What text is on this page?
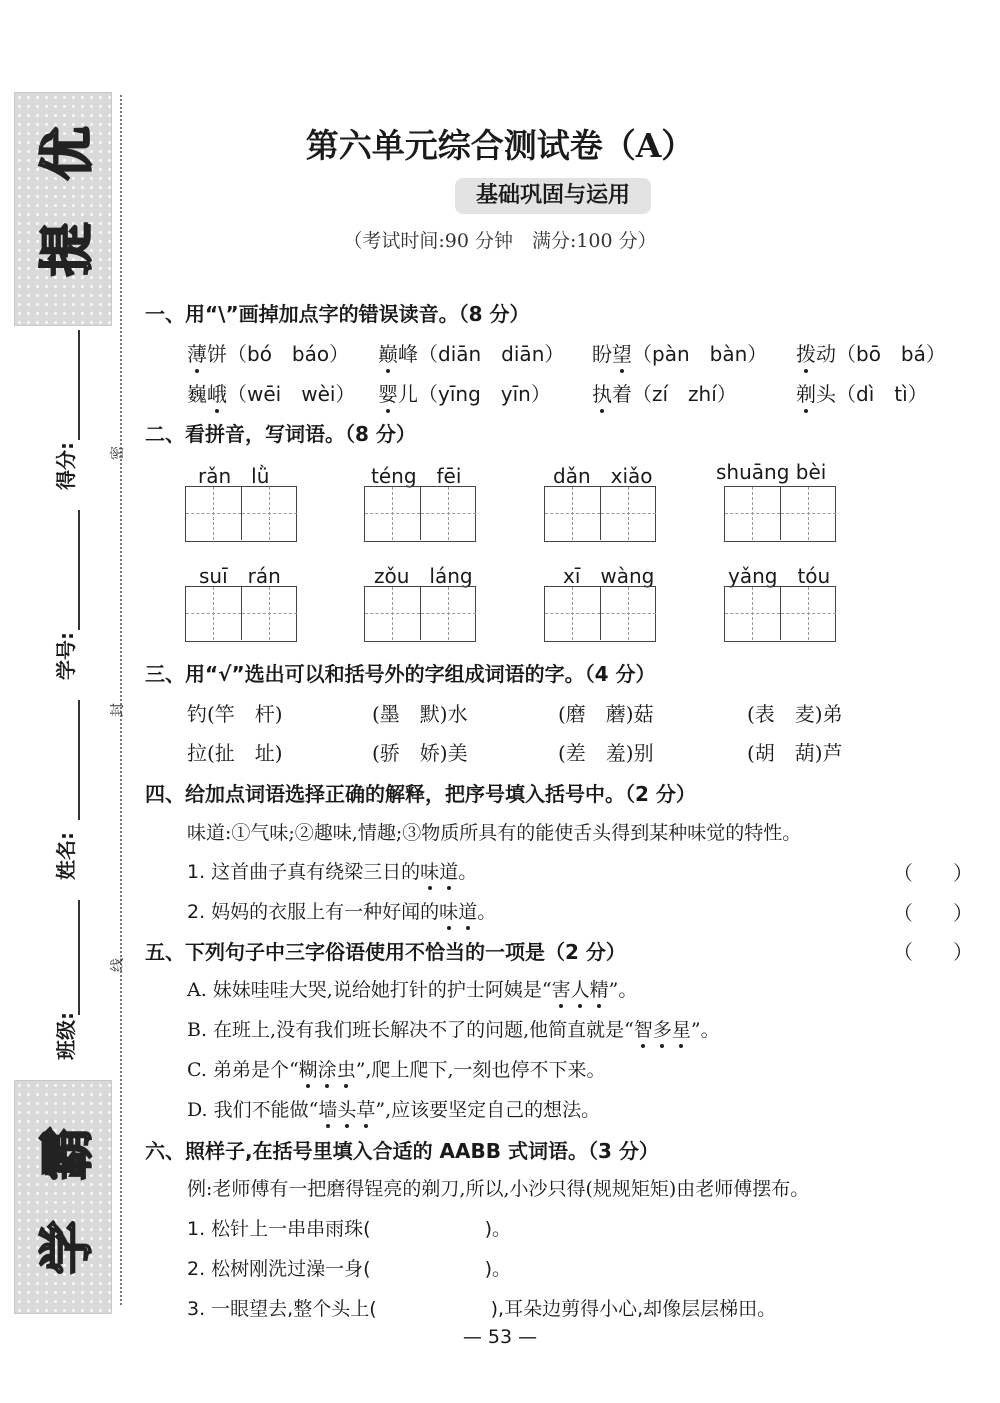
优
提
霸
学
得分:
学号:
姓名:
班级:
密
封
线
第六单元综合测试卷（A）
基础巩固与运用
（考试时间:90 分钟　满分:100 分）
一、用“\”画掉加点字的错误读音。（8 分）
薄饼（bó　báo） 巅峰（diān　diān） 盼望（pàn　bàn） 拨动（bō　bá）
巍峨（wēi　wèi） 婴儿（yīng　yīn） 执着（zí　zhí）	剃头（dì　tì）
二、看拼音，写词语。（8 分）
rǎn　lǜ	téng　fēi	dǎn　xiǎo	shuāng bèi
suī　rán	zǒu　láng	xī　wàng	yǎng　tóu
三、用“√”选出可以和括号外的字组成词语的字。（4 分）
钓(竿　杆)	(墨　默)水	(磨　蘑)菇	(表　麦)弟
拉(扯　址)	(骄　娇)美	(差　羞)别	(胡　葫)芦
四、给加点词语选择正确的解释，把序号填入括号中。（2 分）
味道:①气味;②趣味,情趣;③物质所具有的能使舌头得到某种味觉的特性。
1. 这首曲子真有绕梁三日的味道。	（　　）
2. 妈妈的衣服上有一种好闻的味道。	（　　）
五、下列句子中三字俗语使用不恰当的一项是（2 分）	（　　）
A. 妹妹哇哇大哭,说给她打针的护士阿姨是“害人精”。
B. 在班上,没有我们班长解决不了的问题,他简直就是“智多星”。
C. 弟弟是个“糊涂虫”,爬上爬下,一刻也停不下来。
D. 我们不能做“墙头草”,应该要坚定自己的想法。
六、照样子,在括号里填入合适的 AABB 式词语。（3 分）
例:老师傅有一把磨得锃亮的剃刀,所以,小沙只得(规规矩矩)由老师傅摆布。
1. 松针上一串串雨珠(　　　　　　)。
2. 松树刚洗过澡一身(　　　　　　)。
3. 一眼望去,整个头上(　　　　　　),耳朵边剪得小心,却像层层梯田。
— 53 —
